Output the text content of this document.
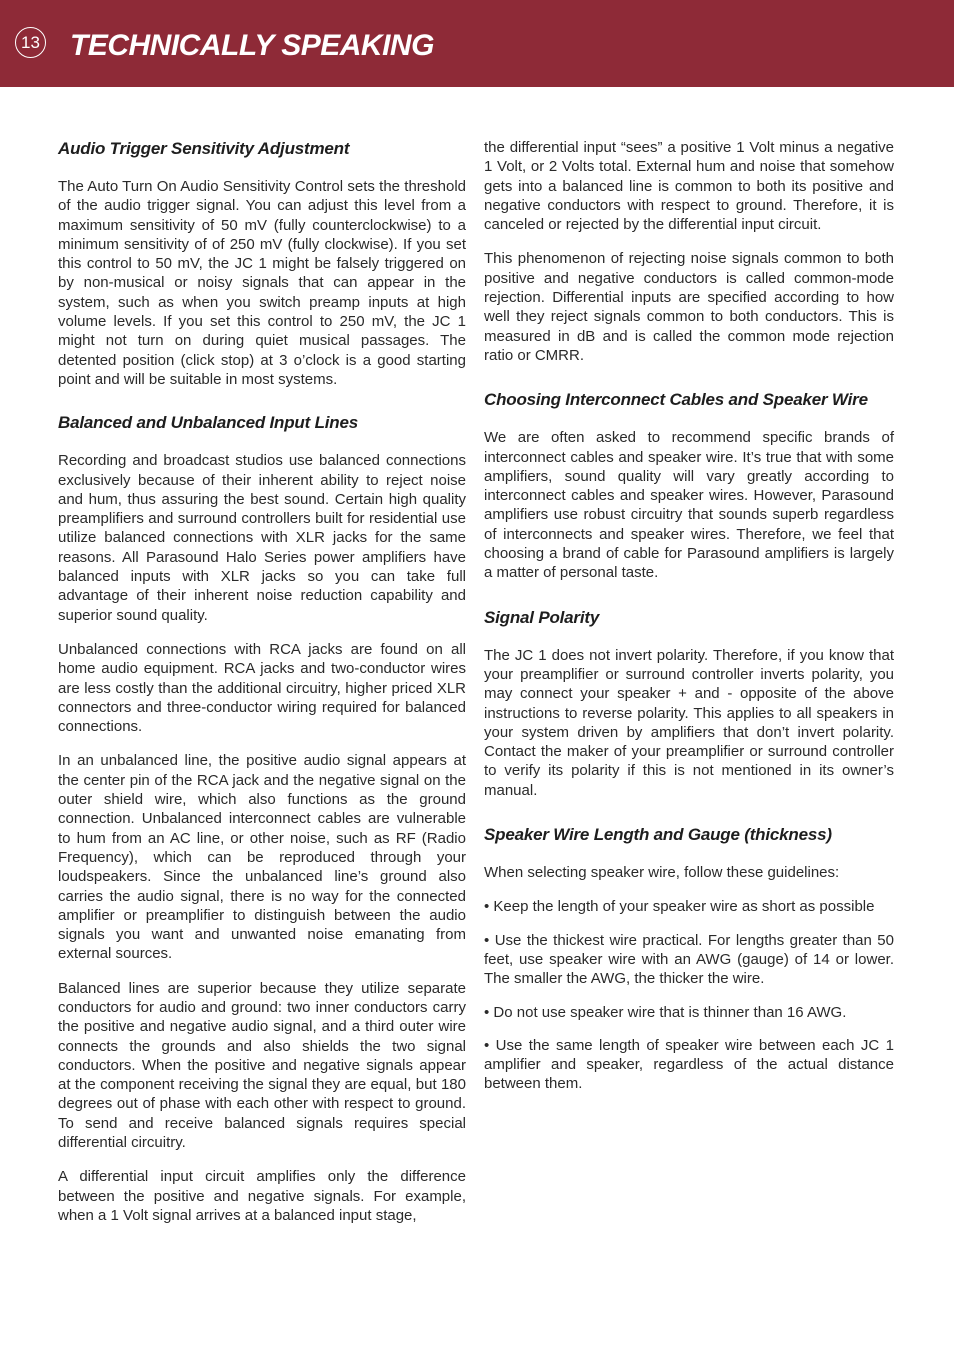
13 TECHNICALLY SPEAKING
Audio Trigger Sensitivity Adjustment

The Auto Turn On Audio Sensitivity Control sets the threshold of the audio trigger signal. You can adjust this level from a maximum sensitivity of 50 mV (fully counterclockwise) to a minimum sensitivity of of 250 mV (fully clockwise). If you set this control to 50 mV, the JC 1 might be falsely triggered on by non-musical or noisy signals that can appear in the system, such as when you switch preamp inputs at high volume levels. If you set this control to 250 mV, the JC 1 might not turn on during quiet musical passages. The detented position (click stop) at 3 o’clock is a good starting point and will be suitable in most systems.

Balanced and Unbalanced Input Lines

Recording and broadcast studios use balanced connections exclusively because of their inherent ability to reject noise and hum, thus assuring the best sound. Certain high quality preamplifiers and surround controllers built for residential use utilize balanced connections with XLR jacks for the same reasons. All Parasound Halo Series power amplifiers have balanced inputs with XLR jacks so you can take full advantage of their inherent noise reduction capability and superior sound quality.

Unbalanced connections with RCA jacks are found on all home audio equipment. RCA jacks and two-conductor wires are less costly than the additional circuitry, higher priced XLR connectors and three-conductor wiring required for balanced connections.

In an unbalanced line, the positive audio signal appears at the center pin of the RCA jack and the negative signal on the outer shield wire, which also functions as the ground connection. Unbalanced interconnect cables are vulnerable to hum from an AC line, or other noise, such as RF (Radio Frequency), which can be reproduced through your loudspeakers. Since the unbalanced line’s ground also carries the audio signal, there is no way for the connected amplifier or preamplifier to distinguish between the audio signals you want and unwanted noise emanating from external sources.

Balanced lines are superior because they utilize separate conductors for audio and ground: two inner conductors carry the positive and negative audio signal, and a third outer wire connects the grounds and also shields the two signal conductors. When the positive and negative signals appear at the component receiving the signal they are equal, but 180 degrees out of phase with each other with respect to ground. To send and receive balanced signals requires special differential circuitry.

A differential input circuit amplifies only the difference between the positive and negative signals. For example, when a 1 Volt signal arrives at a balanced input stage,

the differential input “sees” a positive 1 Volt minus a negative 1 Volt, or 2 Volts total. External hum and noise that somehow gets into a balanced line is common to both its positive and negative conductors with respect to ground. Therefore, it is canceled or rejected by the differential input circuit.

This phenomenon of rejecting noise signals common to both positive and negative conductors is called common-mode rejection. Differential inputs are specified according to how well they reject signals common to both conductors. This is measured in dB and is called the common mode rejection ratio or CMRR.

Choosing Interconnect Cables and Speaker Wire

We are often asked to recommend specific brands of interconnect cables and speaker wire. It’s true that with some amplifiers, sound quality will vary greatly according to interconnect cables and speaker wires. However, Parasound amplifiers use robust circuitry that sounds superb regardless of interconnects and speaker wires. Therefore, we feel that choosing a brand of cable for Parasound amplifiers is largely a matter of personal taste.

Signal Polarity

The JC 1 does not invert polarity. Therefore, if you know that your preamplifier or surround controller inverts polarity, you may connect your speaker + and - opposite of the above instructions to reverse polarity. This applies to all speakers in your system driven by amplifiers that don’t invert polarity. Contact the maker of your preamplifier or surround controller to verify its polarity if this is not mentioned in its owner’s manual.

Speaker Wire Length and Gauge (thickness)

When selecting speaker wire, follow these guidelines:

• Keep the length of your speaker wire as short as possible
• Use the thickest wire practical. For lengths greater than 50 feet, use speaker wire with an AWG (gauge) of 14 or lower. The smaller the AWG, the thicker the wire.
• Do not use speaker wire that is thinner than 16 AWG.
• Use the same length of speaker wire between each JC 1 amplifier and speaker, regardless of the actual distance between them.
